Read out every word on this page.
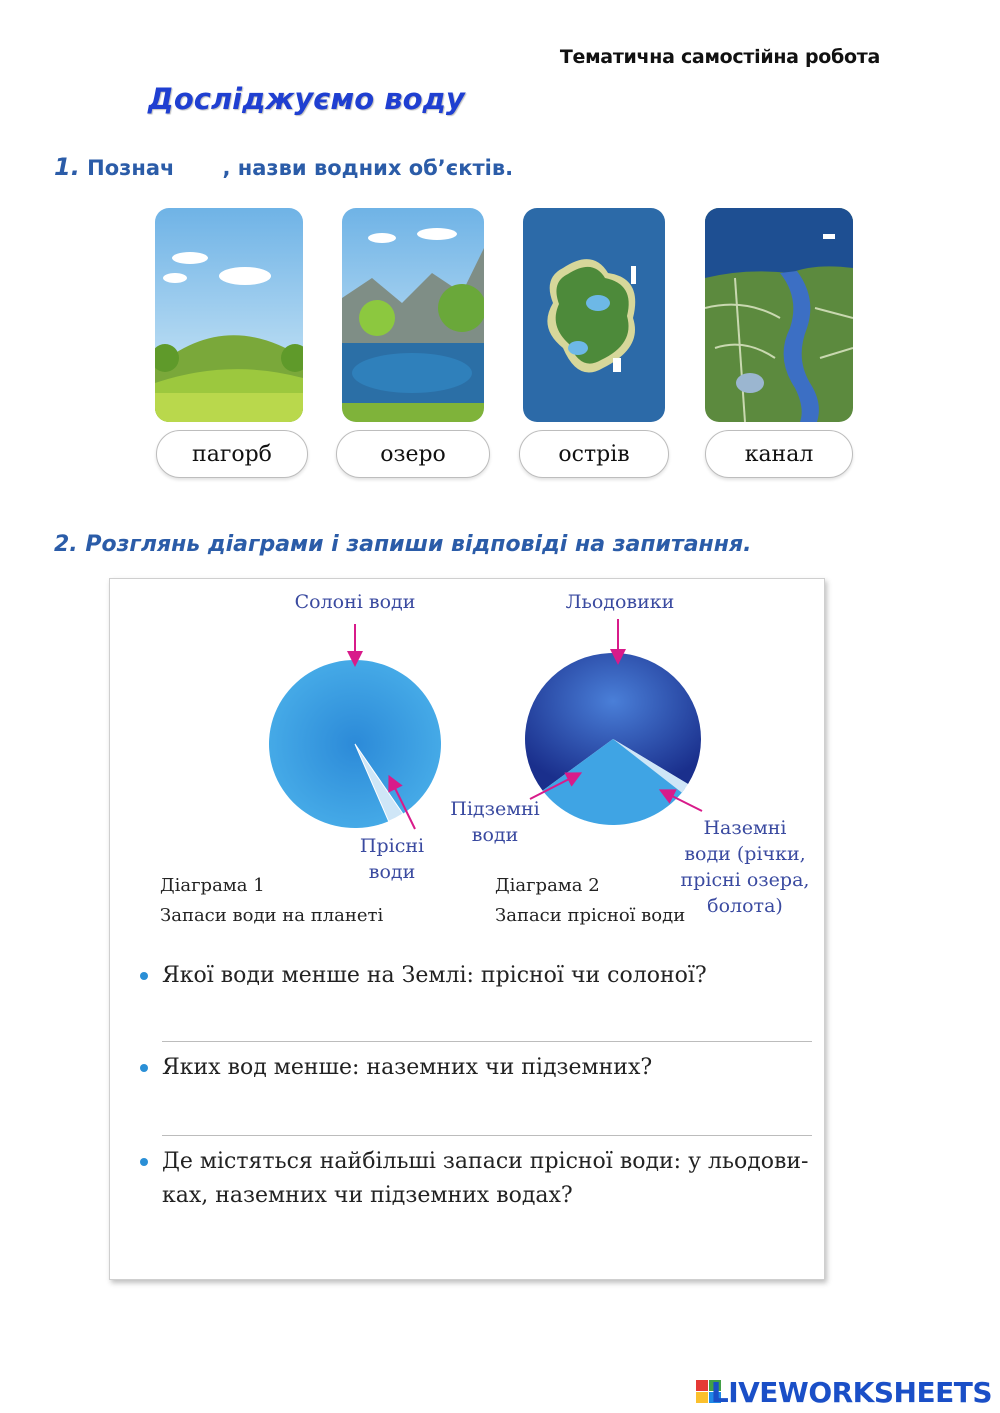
Тематична самостійна робота
Досліджуємо воду
1. Познач , назви водних об’єктів.
пагорб	озеро	острів	канал
2. Розглянь діаграми і запиши відповіді на запитання.
Солоні води
Прісні
води
Льодовики
Підземні
води	Наземні
води (річки,
прісні озера,
болота)
Діаграма 1
Запаси води на планеті
Діаграма 2
Запаси прісної води
Якої води менше на Землі: прісної чи солоної?
Яких вод менше: наземних чи підземних?
Де містяться найбільші запаси прісної води: у льодови-
ках, наземних чи підземних водах?
LIVEWORKSHEETS
